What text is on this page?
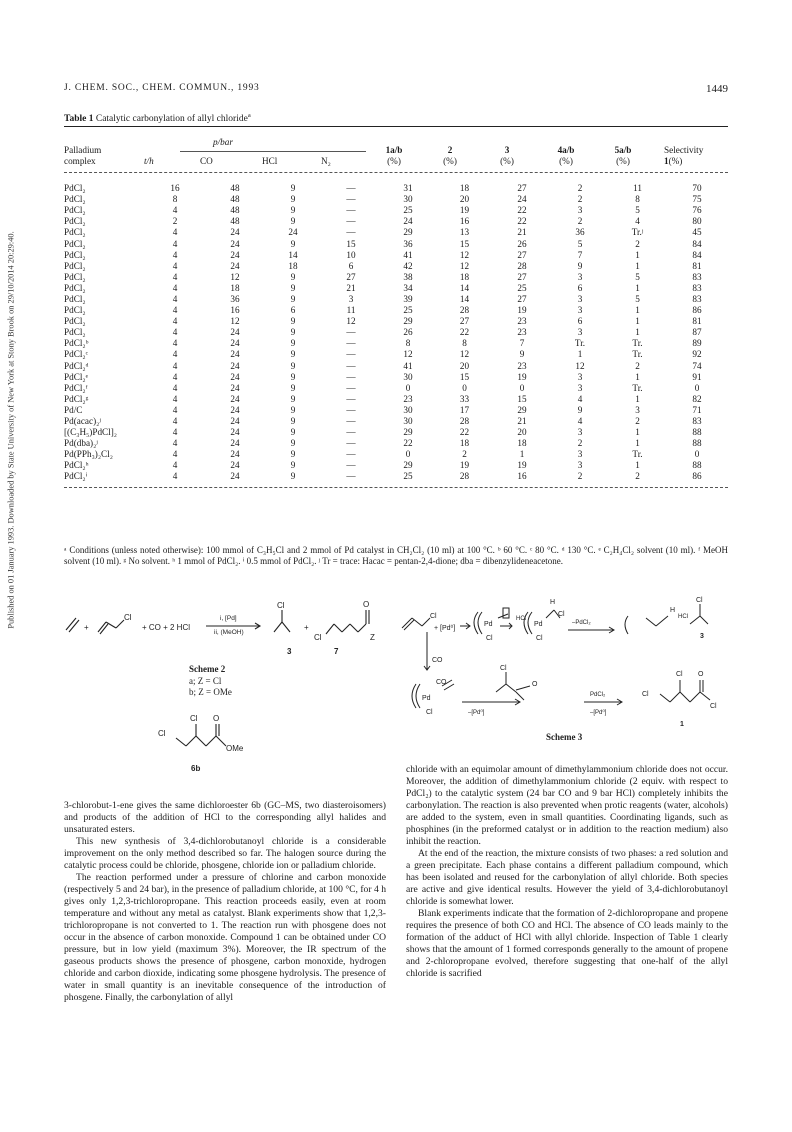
Published on 01 January 1993. Downloaded by State University of New York at Stony Brook on 29/10/2014 20:29:40.
J. CHEM. SOC., CHEM. COMMUN., 1993	1449
Table 1 Catalytic carbonylation of allyl chloride$^a$
p/bar
Palladium
complex	t/h	CO	HCl	N₂
1a/b
(%)
2
(%)
3
(%)
4a/b
(%)
5a/b
(%)
Selectivity
1(%)
PdCl₂	16	48	9	—	31	18	27	2	11	70
PdCl₂	8	48	9	—	30	20	24	2	8	75
PdCl₂	4	48	9	—	25	19	22	3	5	76
PdCl₂	2	48	9	—	24	16	22	2	4	80
PdCl₂	4	24	24	—	29	13	21	36	Tr.ʲ	45
PdCl₂	4	24	9	15	36	15	26	5	2	84
PdCl₂	4	24	14	10	41	12	27	7	1	84
PdCl₂	4	24	18	6	42	12	28	9	1	81
PdCl₂	4	12	9	27	38	18	27	3	5	83
PdCl₂	4	18	9	21	34	14	25	6	1	83
PdCl₂	4	36	9	3	39	14	27	3	5	83
PdCl₂	4	16	6	11	25	28	19	3	1	86
PdCl₂	4	12	9	12	29	27	23	6	1	81
PdCl₂	4	24	9	—	26	22	23	3	1	87
PdCl₂ᵇ	4	24	9	—	8	8	7	Tr.	Tr.	89
PdCl₂ᶜ	4	24	9	—	12	12	9	1	Tr.	92
PdCl₂ᵈ	4	24	9	—	41	20	23	12	2	74
PdCl₂ᵉ	4	24	9	—	30	15	19	3	1	91
PdCl₂ᶠ	4	24	9	—	0	0	0	3	Tr.	0
PdCl₂ᵍ	4	24	9	—	23	33	15	4	1	82
Pd/C	4	24	9	—	30	17	29	9	3	71
Pd(acac)₂ʲ	4	24	9	—	30	28	21	4	2	83
[(C₃H₅)PdCl]₂	4	24	9	—	29	22	20	3	1	88
Pd(dba)₂ʲ	4	24	9	—	22	18	18	2	1	88
Pd(PPh₃)₂Cl₂	4	24	9	—	0	2	1	3	Tr.	0
PdCl₂ʰ	4	24	9	—	29	19	19	3	1	88
PdCl₂ⁱ	4	24	9	—	25	28	16	2	2	86
ᵃ Conditions (unless noted otherwise): 100 mmol of C₃H₅Cl and 2 mmol of Pd catalyst in CH₂Cl₂ (10 ml) at 100 °C. ᵇ 60 °C. ᶜ 80 °C. ᵈ 130 °C. ᵉ C₂H₄Cl₂ solvent (10 ml). ᶠ MeOH solvent (10 ml). ᵍ No solvent. ʰ 1 mmol of PdCl₂. ⁱ 0.5 mmol of PdCl₂. ʲ Tr = trace: Hacac = pentan-2,4-dione; dba = dibenzylideneacetone.
+
Cl
+ CO + 2 HCl
i, [Pd]
ii, (MeOH)
Cl
+
Cl
O
Z
3	7
Cl
Cl O
OMe
6b
Scheme 2
a; Z = Cl
b; Z = OMe
Cl
+ [Pd⁰]
Pd
Cl
HCl
Pd
H
Cl
Cl
–PdCl₂
H
HCl
Cl
3
CO
Cl
CO
Pd
Cl
O
–[Pd⁰]
PdCl₂
–[Pd⁰]
Cl
Cl O
Cl
1
Scheme 3

3-chlorobut-1-ene gives the same dichloroester 6b (GC–MS, two diasteroisomers) and products of the addition of HCl to the corresponding allyl halides and unsaturated esters.

This new synthesis of 3,4-dichlorobutanoyl chloride is a considerable improvement on the only method described so far. The halogen source during the catalytic process could be chloride, phosgene, chloride ion or palladium chloride.

The reaction performed under a pressure of chlorine and carbon monoxide (respectively 5 and 24 bar), in the presence of palladium chloride, at 100 °C, for 4 h gives only 1,2,3-trichloropropane. This reaction proceeds easily, even at room temperature and without any metal as catalyst. Blank experiments show that 1,2,3-trichloropropane is not converted to 1. The reaction run with phosgene does not occur in the absence of carbon monoxide. Compound 1 can be obtained under CO pressure, but in low yield (maximum 3%). Moreover, the IR spectrum of the gaseous products shows the presence of phosgene, carbon monoxide, hydrogen chloride and carbon dioxide, indicating some phosgene hydrolysis. The presence of water in small quantity is an inevitable consequence of the introduction of phosgene. Finally, the carbonylation of allyl

chloride with an equimolar amount of dimethylammonium chloride does not occur. Moreover, the addition of dimethylammonium chloride (2 equiv. with respect to PdCl₂) to the catalytic system (24 bar CO and 9 bar HCl) completely inhibits the carbonylation. The reaction is also prevented when protic reagents (water, alcohols) are added to the system, even in small quantities. Coordinating ligands, such as phosphines (in the preformed catalyst or in addition to the reaction medium) also inhibit the reaction.

At the end of the reaction, the mixture consists of two phases: a red solution and a green precipitate. Each phase contains a different palladium compound, which has been isolated and reused for the carbonylation of allyl chloride. Both species are active and give identical results. However the yield of 3,4-dichlorobutanoyl chloride is somewhat lower.

Blank experiments indicate that the formation of 2-dichloropropane and propene requires the presence of both CO and HCl. The absence of CO leads mainly to the formation of the adduct of HCl with allyl chloride. Inspection of Table 1 clearly shows that the amount of 1 formed corresponds generally to the amount of propene and 2-chloropropane evolved, therefore suggesting that one-half of the allyl chloride is sacrified
